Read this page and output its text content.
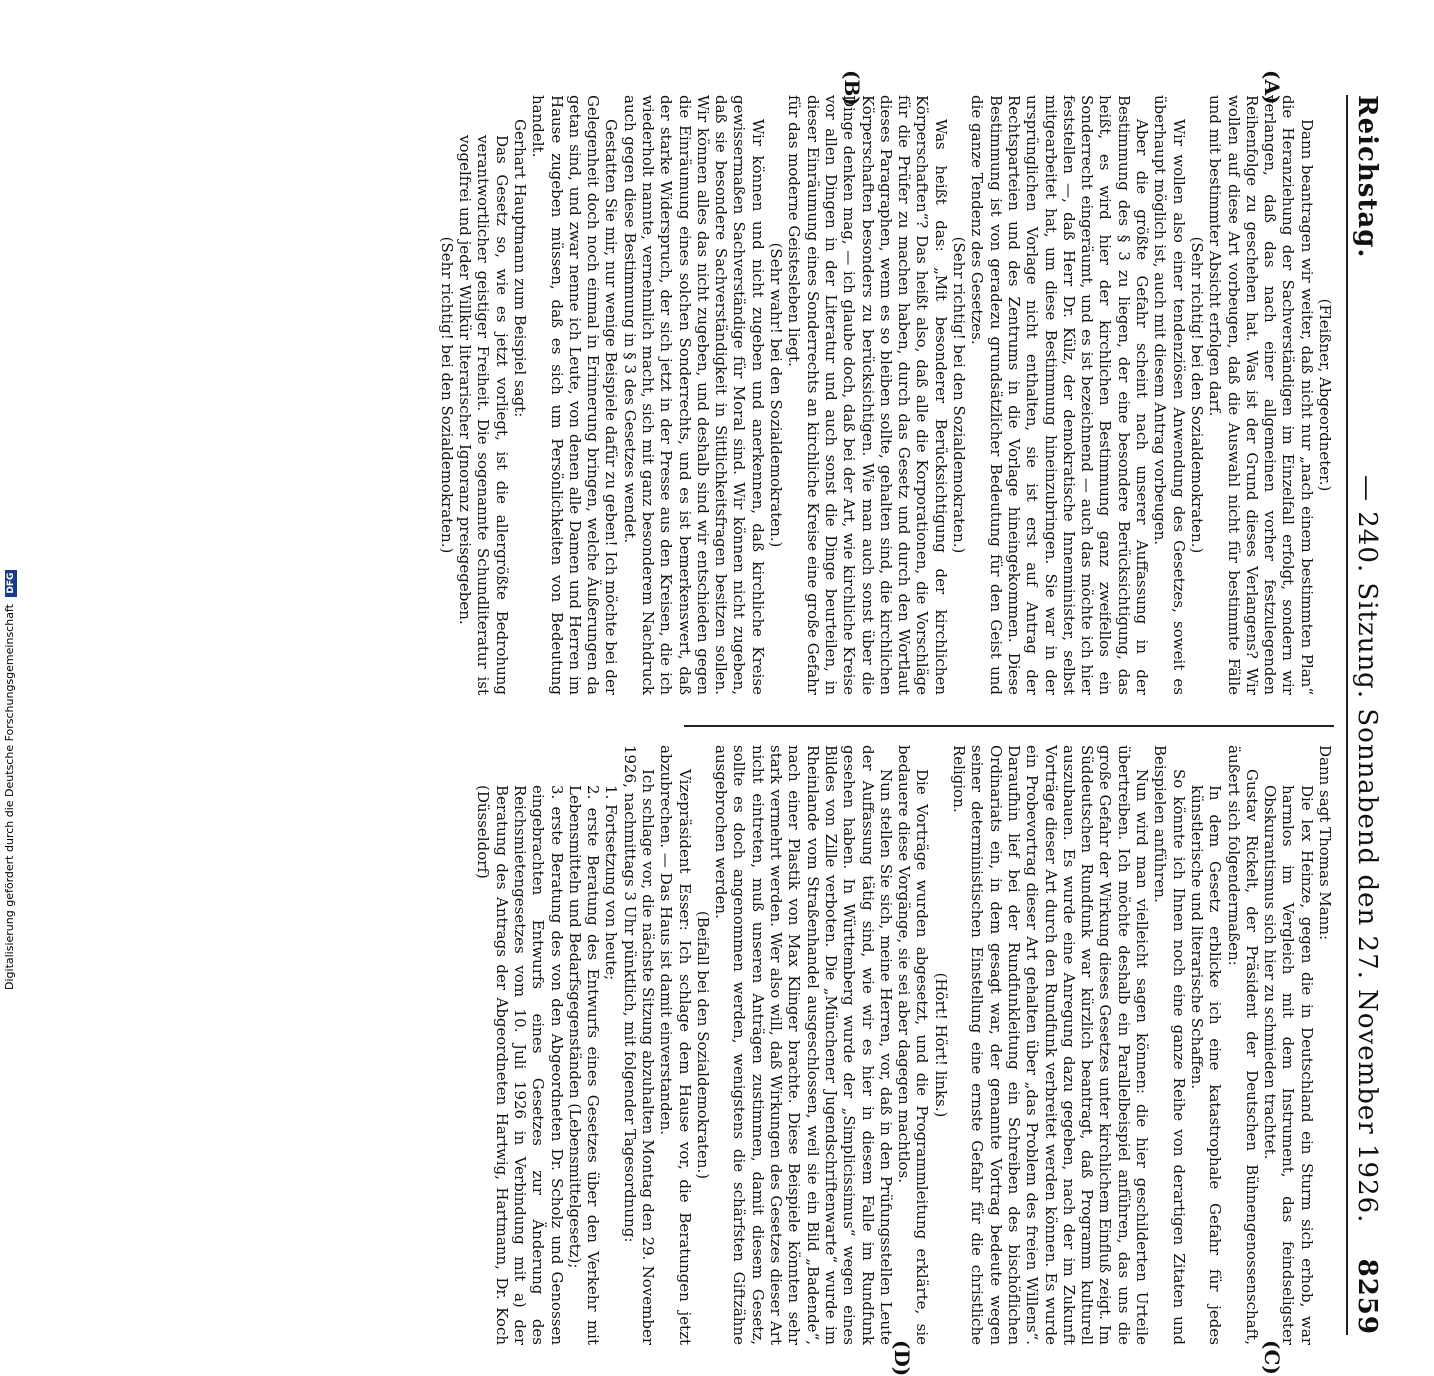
Reichstag.
— 240. Sitzung. Sonnabend den 27. November 1926.
8259
(A)
(B)
(C)
(D)

(Fleißner, Abgeordneter.)

Dann beantragen wir weiter, daß nicht nur „nach einem bestimmten Plan“ die Heranziehung der Sachverständigen im Einzelfall erfolgt, sondern wir verlangen, daß das nach einer allgemeinen vorher festzulegenden Reihenfolge zu geschehen hat. Was ist der Grund dieses Verlangens? Wir wollen auf diese Art vorbeugen, daß die Auswahl nicht für bestimmte Fälle und mit bestimmter Absicht erfolgen darf.

(Sehr richtig! bei den Sozialdemokraten.)

Wir wollen also einer tendenziösen Anwendung des Gesetzes, soweit es überhaupt möglich ist, auch mit diesem Antrag vorbeugen.

Aber die größte Gefahr scheint nach unserer Auffassung in der Bestimmung des § 3 zu liegen, der eine besondere Berücksichtigung, das heißt, es wird hier der kirchlichen Bestimmung ganz zweifellos ein Sonderrecht eingeräumt, und es ist bezeichnend — auch das möchte ich hier feststellen —, daß Herr Dr. Külz, der demokratische Innenminister, selbst mitgearbeitet hat, um diese Bestimmung hineinzubringen. Sie war in der ursprünglichen Vorlage nicht enthalten, sie ist erst auf Antrag der Rechtsparteien und des Zentrums in die Vorlage hineingekommen. Diese Bestimmung ist von geradezu grundsätzlicher Bedeutung für den Geist und die ganze Tendenz des Gesetzes.

(Sehr richtig! bei den Sozialdemokraten.)

Was heißt das: „Mit besonderer Berücksichtigung der kirchlichen Körperschaften“? Das heißt also, daß alle die Korporationen, die Vorschläge für die Prüfer zu machen haben, durch das Gesetz und durch den Wortlaut dieses Paragraphen, wenn es so bleiben sollte, gehalten sind, die kirchlichen Körperschaften besonders zu berücksichtigen. Wie man auch sonst über die Dinge denken mag, — ich glaube doch, daß bei der Art, wie kirchliche Kreise vor allen Dingen in der Literatur und auch sonst die Dinge beurteilen, in dieser Einräumung eines Sonderrechts an kirchliche Kreise eine große Gefahr für das moderne Geistesleben liegt.

(Sehr wahr! bei den Sozialdemokraten.)

Wir können und nicht zugeben und anerkennen, daß kirchliche Kreise gewissermaßen Sachverständige für Moral sind. Wir können nicht zugeben, daß sie besondere Sachverständigkeit in Sittlichkeitsfragen besitzen sollen. Wir können alles das nicht zugeben, und deshalb sind wir entschieden gegen die Einräumung eines solchen Sonderrechts, und es ist bemerkenswert, daß der starke Widerspruch, der sich jetzt in der Presse aus den Kreisen, die ich wiederholt nannte, vernehmlich macht, sich mit ganz besonderem Nachdruck auch gegen diese Bestimmung in § 3 des Gesetzes wendet.

Gestatten Sie mir, nur wenige Beispiele dafür zu geben! Ich möchte bei der Gelegenheit doch noch einmal in Erinnerung bringen, welche Äußerungen da getan sind, und zwar nenne ich Leute, von denen alle Damen und Herren im Hause zugeben müssen, daß es sich um Persönlichkeiten von Bedeutung handelt.

Gerhart Hauptmann zum Beispiel sagt:

Das Gesetz so, wie es jetzt vorliegt, ist die allergrößte Bedrohung verantwortlicher geistiger Freiheit. Die sogenannte Schundliteratur ist vogelfrei und jeder Willkür literarischer Ignoranz preisgegeben.

(Sehr richtig! bei den Sozialdemokraten.)

Dann sagt Thomas Mann:

Die lex Heinze, gegen die in Deutschland ein Sturm sich erhob, war harmlos im Vergleich mit dem Instrument, das feindseligster Obskurantismus sich hier zu schmieden trachtet.

Gustav Rickelt, der Präsident der Deutschen Bühnengenossenschaft, äußert sich folgendermaßen:

In dem Gesetz erblicke ich eine katastrophale Gefahr für jedes künstlerische und literarische Schaffen.

So könnte ich Ihnen noch eine ganze Reihe von derartigen Zitaten und Beispielen anführen.

Nun wird man vielleicht sagen können: die hier geschilderten Urteile übertreiben. Ich möchte deshalb ein Parallelbeispiel anführen, das uns die große Gefahr der Wirkung dieses Gesetzes unter kirchlichem Einfluß zeigt. Im Süddeutschen Rundfunk war kürzlich beantragt, daß Programm kulturell auszubauen. Es wurde eine Anregung dazu gegeben, nach der im Zukunft Vorträge dieser Art durch den Rundfunk verbreitet werden können. Es wurde ein Probevortrag dieser Art gehalten über „das Problem des freien Willens“. Daraufhin lief bei der Rundfunkleitung ein Schreiben des bischöflichen Ordinariats ein, in dem gesagt war, der genannte Vortrag bedeute wegen seiner deterministischen Einstellung eine ernste Gefahr für die christliche Religion.

(Hört! Hört! links.)

Die Vorträge wurden abgesetzt, und die Programmleitung erklärte, sie bedauere diese Vorgänge, sie sei aber dagegen machtlos.

Nun stellen Sie sich, meine Herren, vor, daß in den Prüfungsstellen Leute der Auffassung tätig sind, wie wir es hier in diesem Falle im Rundfunk gesehen haben. In Württemberg wurde der „Simplicissimus“ wegen eines Bildes von Zille verboten. Die „Münchener Jugendschriftenwarte“ wurde im Rheinlande vom Straßenhandel ausgeschlossen, weil sie ein Bild „Badende“, nach einer Plastik von Max Klinger brachte. Diese Beispiele könnten sehr stark vermehrt werden. Wer also will, daß Wirkungen des Gesetzes dieser Art nicht eintreten, muß unseren Anträgen zustimmen, damit diesem Gesetz, sollte es doch angenommen werden, wenigstens die schärfsten Giftzähne ausgebrochen werden.

(Beifall bei den Sozialdemokraten.)

Vizepräsident Esser: Ich schlage dem Hause vor, die Beratungen jetzt abzubrechen. — Das Haus ist damit einverstanden.

Ich schlage vor, die nächste Sitzung abzuhalten Montag den 29. November 1926, nachmittags 3 Uhr pünktlich, mit folgender Tagesordnung:

1. Fortsetzung von heute;

2. erste Beratung des Entwurfs eines Gesetzes über den Verkehr mit Lebensmitteln und Bedarfsgegenständen (Lebensmittelgesetz);

3. erste Beratung des von den Abgeordneten Dr. Scholz und Genossen eingebrachten Entwurfs eines Gesetzes zur Änderung des Reichsmietengesetzes vom 10. Juli 1926 in Verbindung mit a) der Beratung des Antrags der Abgeordneten Hartwig, Hartmann, Dr. Koch (Düsseldorf)

Digitalisierung gefördert durch die Deutsche Forschungsgemeinschaft DFG
